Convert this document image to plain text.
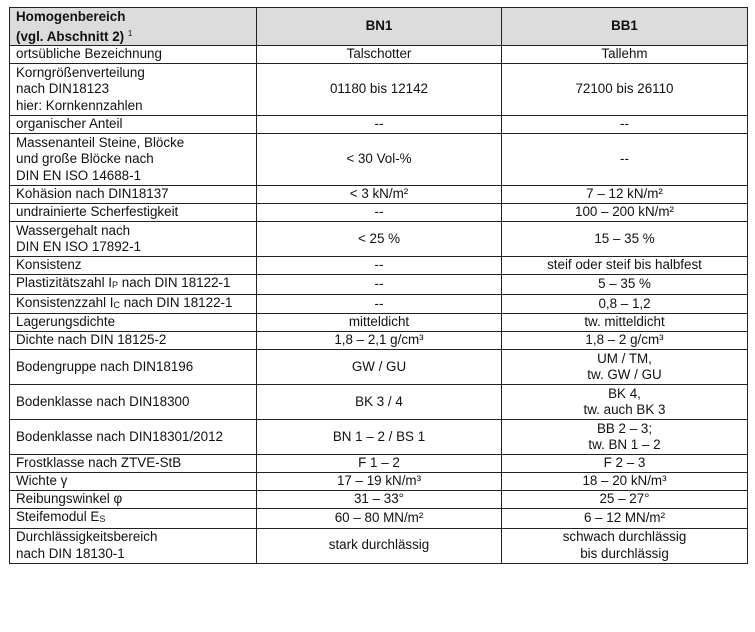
Homogenbereich
(vgl. Abschnitt 2) $^1$	BN1	BB1
ortsübliche Bezeichnung	Talschotter	Tallehm
Korngrößenverteilung
nach DIN18123
hier: Kornkennzahlen	01180 bis 12142	72100 bis 26110
organischer Anteil	--	--
Massenanteil Steine, Blöcke
und große Blöcke nach
DIN EN ISO 14688-1	< 30 Vol-%	--
Kohäsion nach DIN18137	< 3 kN/m²	7 – 12 kN/m²
undrainierte Scherfestigkeit	--	100 – 200 kN/m²
Wassergehalt nach
DIN EN ISO 17892-1	< 25 %	15 – 35 %
Konsistenz	--	steif oder steif bis halbfest
Plastizitätszahl $I_P$ nach DIN 18122-1	--	5 – 35 %
Konsistenzzahl $I_C$ nach DIN 18122-1	--	0,8 – 1,2
Lagerungsdichte	mitteldicht	tw. mitteldicht
Dichte nach DIN 18125-2	1,8 – 2,1 g/cm³	1,8 – 2 g/cm³
Bodengruppe nach DIN18196	GW / GU	UM / TM,
tw. GW / GU
Bodenklasse nach DIN18300	BK 3 / 4	BK 4,
tw. auch BK 3
Bodenklasse nach DIN18301/2012	BN 1 – 2 / BS 1	BB 2 – 3;
tw. BN 1 – 2
Frostklasse nach ZTVE-StB	F 1 – 2	F 2 – 3
Wichte γ	17 – 19 kN/m³	18 – 20 kN/m³
Reibungswinkel φ	31 – 33°	25 – 27°
Steifemodul $E_S$	60 – 80 MN/m²	6 – 12 MN/m²
Durchlässigkeitsbereich
nach DIN 18130-1	stark durchlässig	schwach durchlässig
bis durchlässig
